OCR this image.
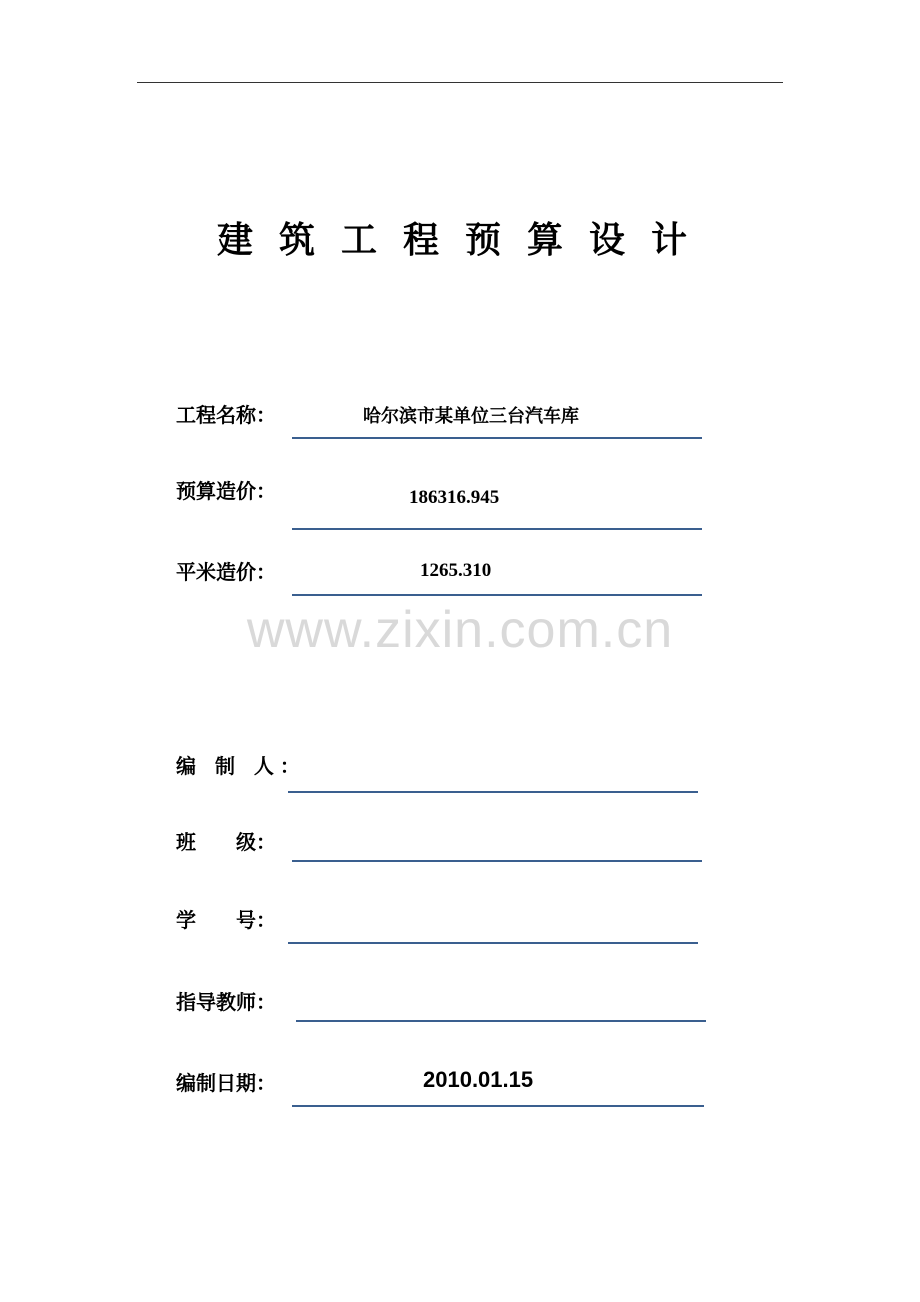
建筑工程预算设计
工程名称：	哈尔滨市某单位三台汽车库
预算造价：	186316.945
平米造价：	1265.310
www.zixin.com.cn
编 制 人：
班　　级：
学　　号：
指导教师：
编制日期：	2010.01.15
